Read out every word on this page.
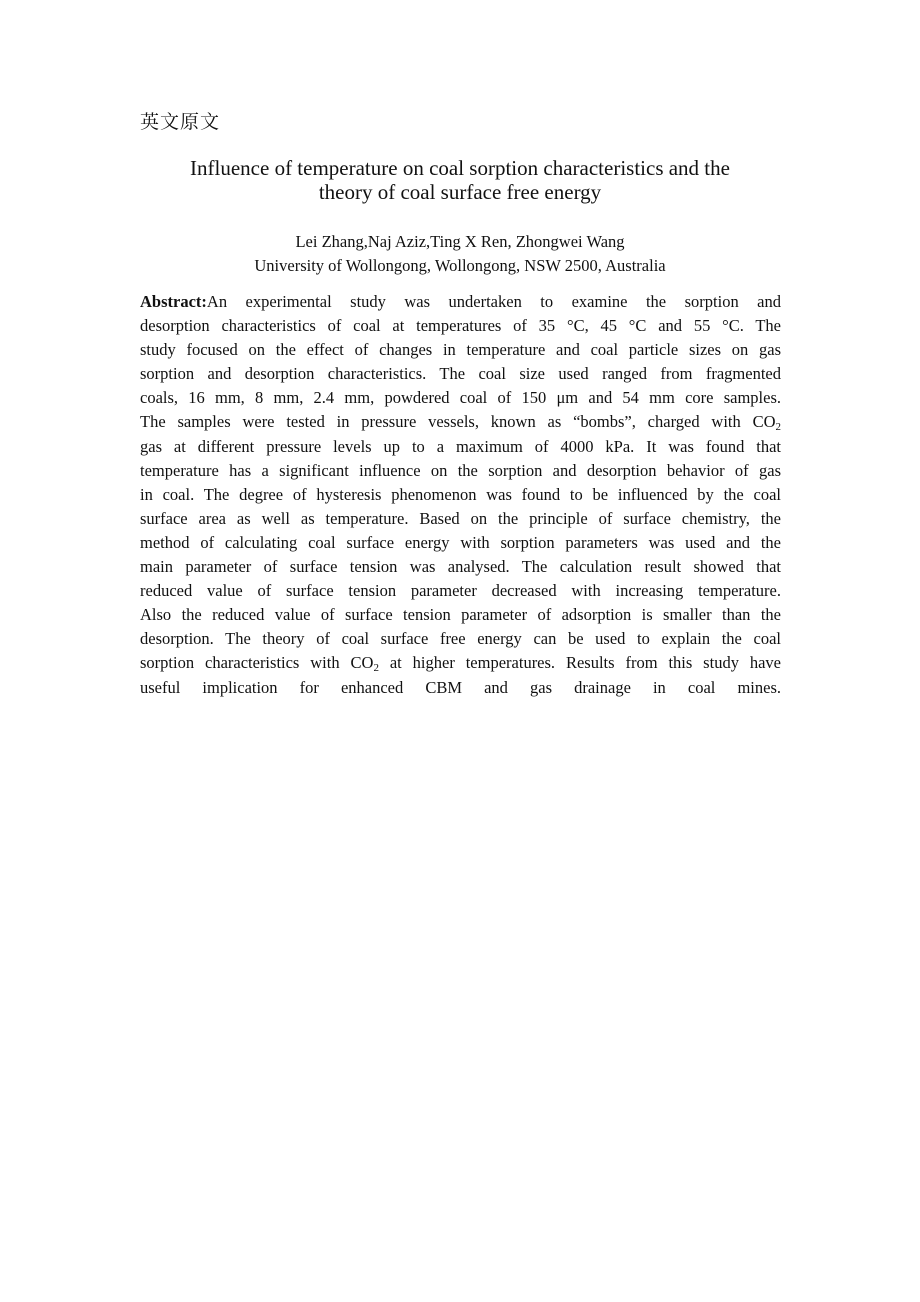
英文原文
Influence of temperature on coal sorption characteristics and the
theory of coal surface free energy
Lei Zhang,Naj Aziz,Ting X Ren, Zhongwei Wang
University of Wollongong, Wollongong, NSW 2500, Australia
Abstract:An experimental study was undertaken to examine the sorption and
desorption characteristics of coal at temperatures of 35 °C, 45 °C and 55 °C. The
study focused on the effect of changes in temperature and coal particle sizes on gas
sorption and desorption characteristics. The coal size used ranged from fragmented
coals, 16 mm, 8 mm, 2.4 mm, powdered coal of 150 μm and 54 mm core samples.
The samples were tested in pressure vessels, known as “bombs”, charged with $CO_2$
gas at different pressure levels up to a maximum of 4000 kPa. It was found that
temperature has a significant influence on the sorption and desorption behavior of gas
in coal. The degree of hysteresis phenomenon was found to be influenced by the coal
surface area as well as temperature. Based on the principle of surface chemistry, the
method of calculating coal surface energy with sorption parameters was used and the
main parameter of surface tension was analysed. The calculation result showed that
reduced value of surface tension parameter decreased with increasing temperature.
Also the reduced value of surface tension parameter of adsorption is smaller than the
desorption. The theory of coal surface free energy can be used to explain the coal
sorption characteristics with $CO_2$ at higher temperatures. Results from this study have
useful implication for enhanced CBM and gas drainage in coal mines.
